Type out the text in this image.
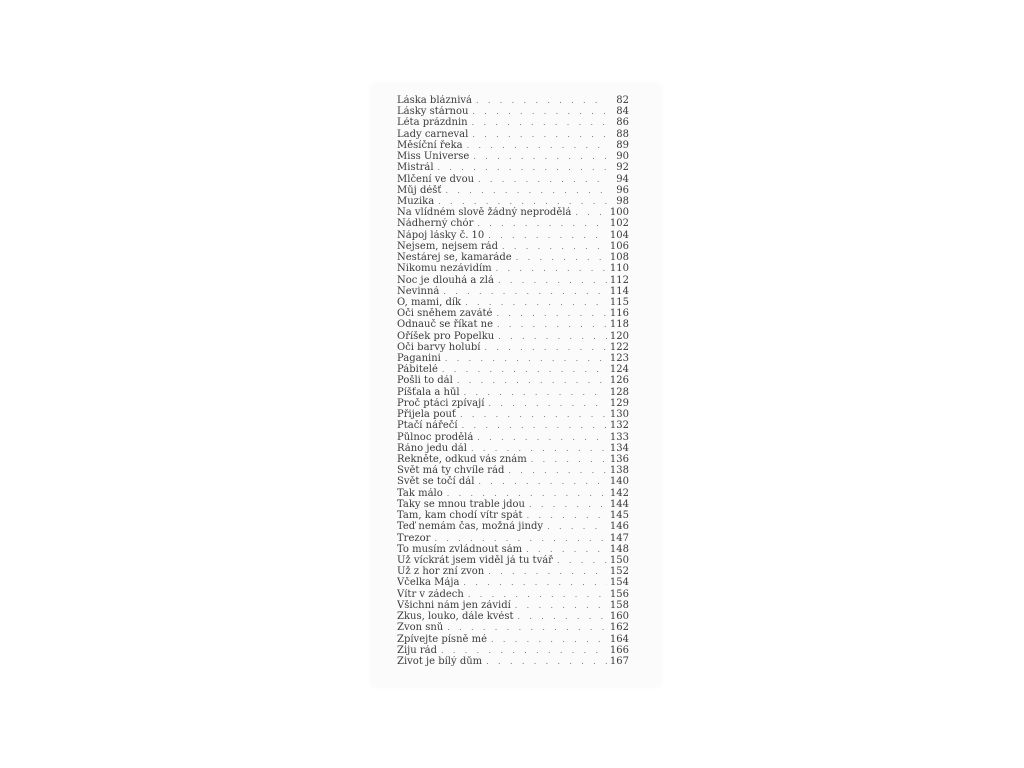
Láska bláznivá . . .	82
Lásky stárnou . . .	84
Léta prázdnin . . .	86
Lady carneval . . .	88
Měsíční řeka . . .	89
Miss Universe . . .	90
Mistrál . . .	92
Mlčení ve dvou . . .	94
Můj déšť . . .	96
Muzika . . .	98
Na vlídném slově žádný neprodělá . . .	100
Nádherný chór . . .	102
Nápoj lásky č. 10 . . .	104
Nejsem, nejsem rád . . .	106
Nestárej se, kamaráde . . .	108
Nikomu nezávidím . . .	110
Noc je dlouhá a zlá . . .	112
Nevinná . . .	114
Ó, mami, dík . . .	115
Oči sněhem zaváté . . .	116
Odnauč se říkat ne . . .	118
Oříšek pro Popelku . . .	120
Oči barvy holubí . . .	122
Paganini . . .	123
Pábitelé . . .	124
Pošli to dál . . .	126
Píšťala a hůl . . .	128
Proč ptáci zpívají . . .	129
Přijela pouť . . .	130
Ptačí nářečí . . .	132
Půlnoc prodělá . . .	133
Ráno jedu dál . . .	134
Řekněte, odkud vás znám . . .	136
Svět má ty chvíle rád . . .	138
Svět se točí dál . . .	140
Tak málo . . .	142
Taky se mnou trable jdou . . .	144
Tam, kam chodí vítr spát . . .	145
Teď nemám čas, možná jindy . . .	146
Trezor . . .	147
To musím zvládnout sám . . .	148
Už víckrát jsem viděl já tu tvář . . .	150
Už z hor zní zvon . . .	152
Včelka Mája . . .	154
Vítr v zádech . . .	156
Všichni nám jen závidí . . .	158
Zkus, louko, dále kvést . . .	160
Zvon snů . . .	162
Zpívejte písně mé . . .	164
Žiju rád . . .	166
Život je bílý dům . . .	167
